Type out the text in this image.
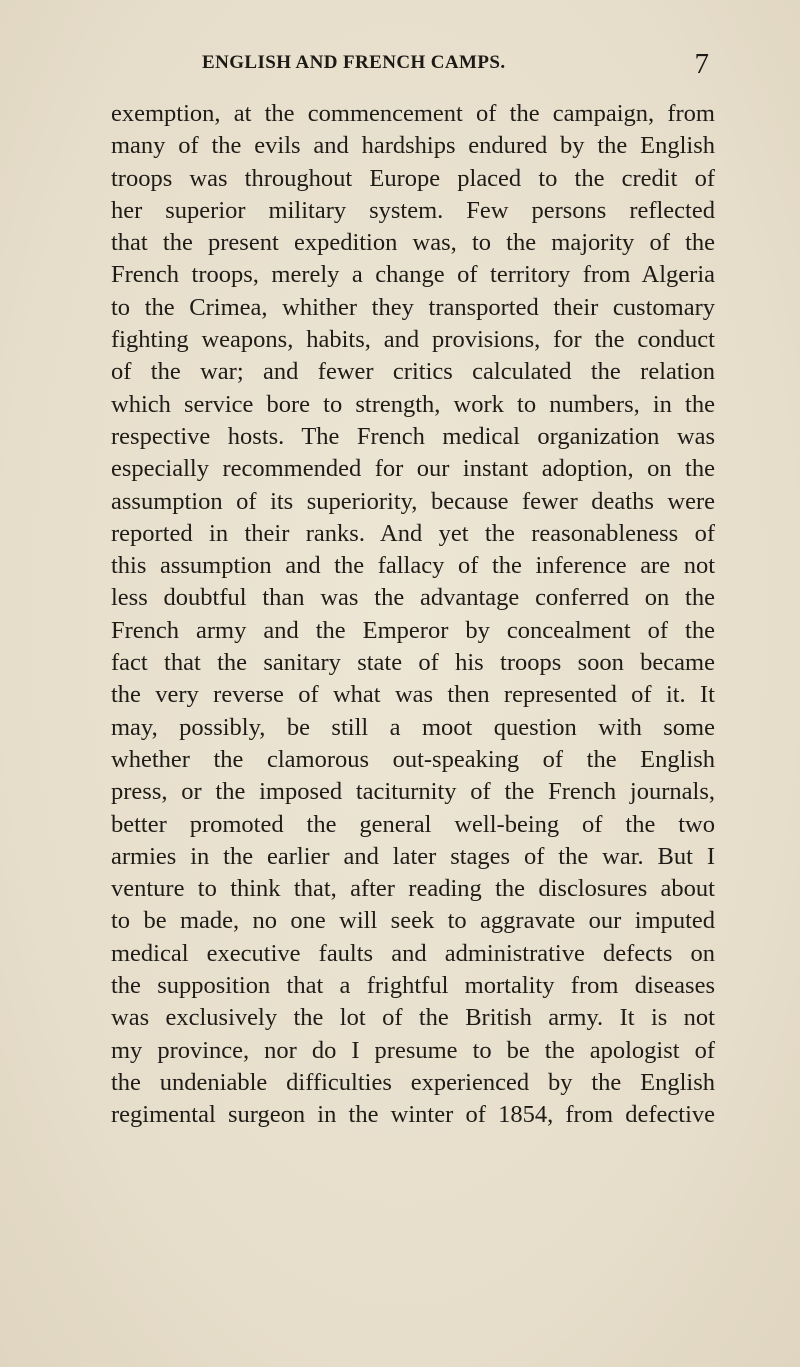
ENGLISH AND FRENCH CAMPS.	7
exemption, at the commencement of the campaign, from
many of the evils and hardships endured by the English
troops was throughout Europe placed to the credit of
her superior military system. Few persons reflected
that the present expedition was, to the majority of the
French troops, merely a change of territory from Algeria
to the Crimea, whither they transported their customary
fighting weapons, habits, and provisions, for the conduct
of the war; and fewer critics calculated the relation
which service bore to strength, work to numbers, in the
respective hosts. The French medical organization was
especially recommended for our instant adoption, on the
assumption of its superiority, because fewer deaths were
reported in their ranks. And yet the reasonableness of
this assumption and the fallacy of the inference are not
less doubtful than was the advantage conferred on the
French army and the Emperor by concealment of the
fact that the sanitary state of his troops soon became
the very reverse of what was then represented of it. It
may, possibly, be still a moot question with some
whether the clamorous out-speaking of the English
press, or the imposed taciturnity of the French journals,
better promoted the general well-being of the two
armies in the earlier and later stages of the war. But I
venture to think that, after reading the disclosures about
to be made, no one will seek to aggravate our imputed
medical executive faults and administrative defects on
the supposition that a frightful mortality from diseases
was exclusively the lot of the British army. It is not
my province, nor do I presume to be the apologist of
the undeniable difficulties experienced by the English
regimental surgeon in the winter of 1854, from defective
